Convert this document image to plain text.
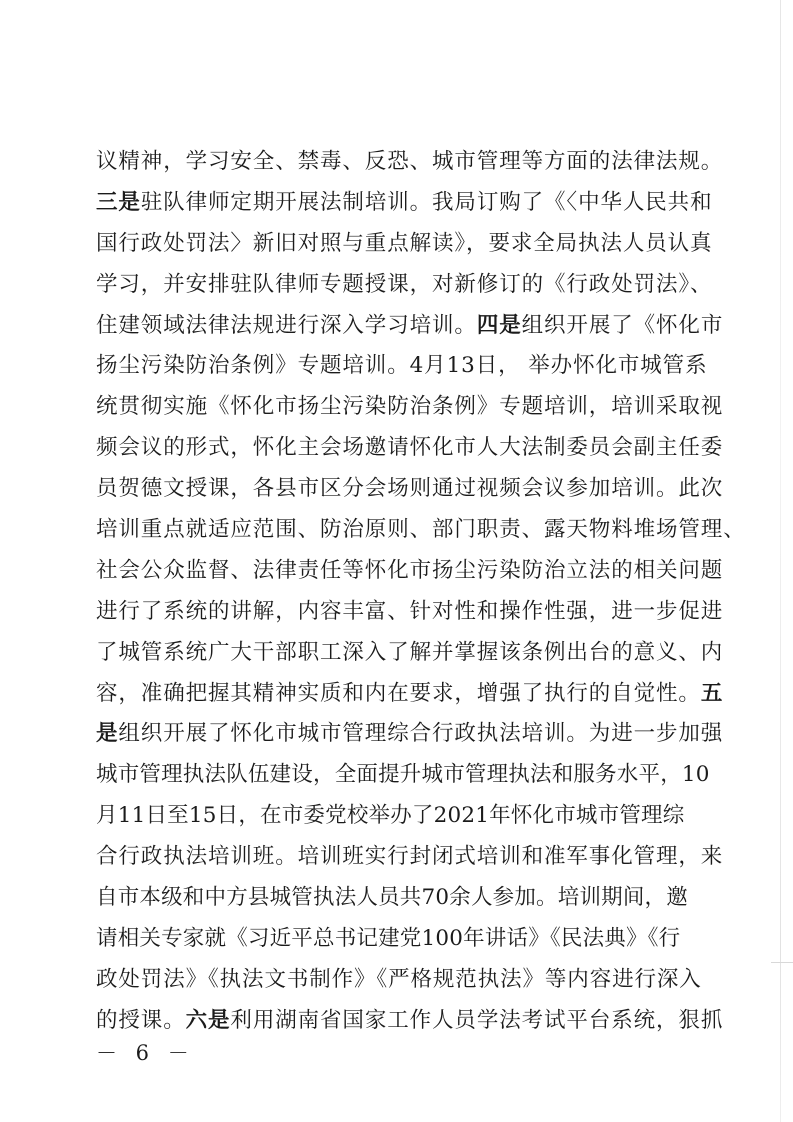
议精神，学习安全、禁毒、反恐、城市管理等方面的法律法规。
三是驻队律师定期开展法制培训。我局订购了《〈中华人民共和
国行政处罚法〉新旧对照与重点解读》，要求全局执法人员认真
学习，并安排驻队律师专题授课，对新修订的《行政处罚法》、
住建领域法律法规进行深入学习培训。四是组织开展了《怀化市
扬尘污染防治条例》专题培训。4月13日， 举办怀化市城管系
统贯彻实施《怀化市扬尘污染防治条例》专题培训，培训采取视
频会议的形式，怀化主会场邀请怀化市人大法制委员会副主任委
员贺德文授课，各县市区分会场则通过视频会议参加培训。此次
培训重点就适应范围、防治原则、部门职责、露天物料堆场管理、
社会公众监督、法律责任等怀化市扬尘污染防治立法的相关问题
进行了系统的讲解，内容丰富、针对性和操作性强，进一步促进
了城管系统广大干部职工深入了解并掌握该条例出台的意义、内
容，准确把握其精神实质和内在要求，增强了执行的自觉性。五
是组织开展了怀化市城市管理综合行政执法培训。为进一步加强
城市管理执法队伍建设，全面提升城市管理执法和服务水平，10
月11日至15日，在市委党校举办了2021年怀化市城市管理综
合行政执法培训班。培训班实行封闭式培训和准军事化管理，来
自市本级和中方县城管执法人员共70余人参加。培训期间，邀
请相关专家就《习近平总书记建党100年讲话》《民法典》《行
政处罚法》《执法文书制作》《严格规范执法》等内容进行深入
的授课。六是利用湖南省国家工作人员学法考试平台系统，狠抓
－ 6 －
